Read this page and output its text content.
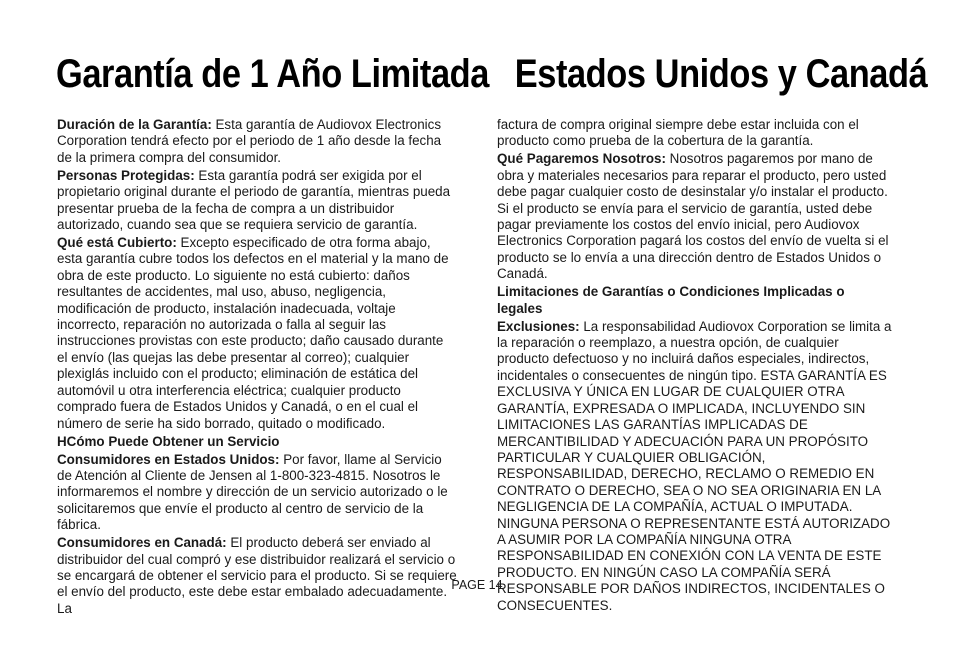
Garantía de 1 Año Limitada Estados Unidos y Canadá

Duración de la Garantía: Esta garantía de Audiovox Electronics Corporation tendrá efecto por el periodo de 1 año desde la fecha de la primera compra del consumidor.

Personas Protegidas: Esta garantía podrá ser exigida por el propietario original durante el periodo de garantía, mientras pueda presentar prueba de la fecha de compra a un distribuidor autorizado, cuando sea que se requiera servicio de garantía.

Qué está Cubierto: Excepto especificado de otra forma abajo, esta garantía cubre todos los defectos en el material y la mano de obra de este producto. Lo siguiente no está cubierto: daños resultantes de accidentes, mal uso, abuso, negligencia, modificación de producto, instalación inadecuada, voltaje incorrecto, reparación no autorizada o falla al seguir las instrucciones provistas con este producto; daño causado durante el envío (las quejas las debe presentar al correo); cualquier plexiglás incluido con el producto; eliminación de estática del automóvil u otra interferencia eléctrica; cualquier producto comprado fuera de Estados Unidos y Canadá, o en el cual el número de serie ha sido borrado, quitado o modificado.

HCómo Puede Obtener un Servicio

Consumidores en Estados Unidos: Por favor, llame al Servicio de Atención al Cliente de Jensen al 1-800-323-4815. Nosotros le informaremos el nombre y dirección de un servicio autorizado o le solicitaremos que envíe el producto al centro de servicio de la fábrica.

Consumidores en Canadá: El producto deberá ser enviado al distribuidor del cual compró y ese distribuidor realizará el servicio o se encargará de obtener el servicio para el producto. Si se requiere el envío del producto, este debe estar embalado adecuadamente. La

factura de compra original siempre debe estar incluida con el producto como prueba de la cobertura de la garantía.

Qué Pagaremos Nosotros: Nosotros pagaremos por mano de obra y materiales necesarios para reparar el producto, pero usted debe pagar cualquier costo de desinstalar y/o instalar el producto. Si el producto se envía para el servicio de garantía, usted debe pagar previamente los costos del envío inicial, pero Audiovox Electronics Corporation pagará los costos del envío de vuelta si el producto se lo envía a una dirección dentro de Estados Unidos o Canadá.

Limitaciones de Garantías o Condiciones Implicadas o legales

Exclusiones: La responsabilidad Audiovox Corporation se limita a la reparación o reemplazo, a nuestra opción, de cualquier producto defectuoso y no incluirá daños especiales, indirectos, incidentales o consecuentes de ningún tipo. ESTA GARANTÍA ES EXCLUSIVA Y ÚNICA EN LUGAR DE CUALQUIER OTRA GARANTÍA, EXPRESADA O IMPLICADA, INCLUYENDO SIN LIMITACIONES LAS GARANTÍAS IMPLICADAS DE MERCANTIBILIDAD Y ADECUACIÓN PARA UN PROPÓSITO PARTICULAR Y CUALQUIER OBLIGACIÓN, RESPONSABILIDAD, DERECHO, RECLAMO O REMEDIO EN CONTRATO O DERECHO, SEA O NO SEA ORIGINARIA EN LA NEGLIGENCIA DE LA COMPAÑÍA, ACTUAL O IMPUTADA. NINGUNA PERSONA O REPRESENTANTE ESTÁ AUTORIZADO A ASUMIR POR LA COMPAÑÍA NINGUNA OTRA RESPONSABILIDAD EN CONEXIÓN CON LA VENTA DE ESTE PRODUCTO. EN NINGÚN CASO LA COMPAÑÍA SERÁ RESPONSABLE POR DAÑOS INDIRECTOS, INCIDENTALES O CONSECUENTES.

PAGE 14
